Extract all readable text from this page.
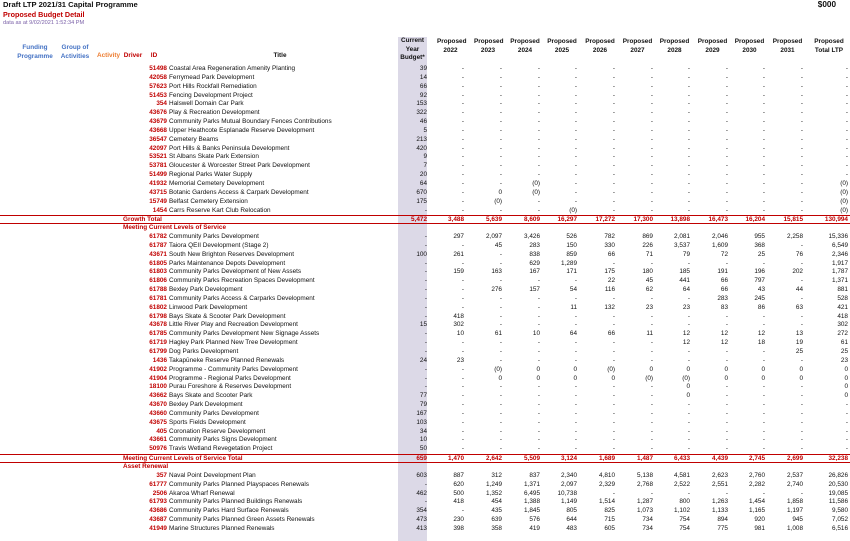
Draft LTP 2021/31 Capital Programme
Proposed Budget Detail
data as at 9/02/2021 1:52:34 PM
$000
Funding Programme
Group of Activities	Activity Driver	ID	Title
Current Year Budget*
Proposed 2022
Proposed 2023
Proposed 2024
Proposed 2025
Proposed 2026
Proposed 2027
Proposed 2028
Proposed 2029
Proposed 2030
Proposed 2031
Proposed Total LTP
51498 Coastal Area Regeneration Amenity Planting	39	-	-	-	-	-	-	-	-	-	-	-
42058 Ferrymead Park Development	14	-	-	-	-	-	-	-	-	-	-	-
57623 Port Hills Rockfall Remediation	66	-	-	-	-	-	-	-	-	-	-	-
51453 Fencing Development Project	92	-	-	-	-	-	-	-	-	-	-	-
354 Halswell Domain Car Park	153	-	-	-	-	-	-	-	-	-	-	-
43676 Play & Recreation Development	322	-	-	-	-	-	-	-	-	-	-	-
43679 Community Parks Mutual Boundary Fences Contributions	46	-	-	-	-	-	-	-	-	-	-	-
43668 Upper Heathcote Esplanade Reserve Development	5	-	-	-	-	-	-	-	-	-	-	-
36547 Cemetery Beams	213	-	-	-	-	-	-	-	-	-	-	-
42097 Port Hills & Banks Peninsula Development	420	-	-	-	-	-	-	-	-	-	-	-
53521 St Albans Skate Park Extension	9	-	-	-	-	-	-	-	-	-	-	-
53781 Gloucester & Worcester Street Park Development	7	-	-	-	-	-	-	-	-	-	-	-
51499 Regional Parks Water Supply	20	-	-	-	-	-	-	-	-	-	-	-
41932 Memorial Cemetery Development	64	-	-	(0)	-	-	-	-	-	-	-	(0)
43715 Botanic Gardens Access & Carpark Development	670	-	0	(0)	-	-	-	-	-	-	-	(0)
15749 Belfast Cemetery Extension	175	-	(0)	-	-	-	-	-	-	-	-	(0)
1454 Carrs Reserve Kart Club Relocation	-	-	-	-	(0)	-	-	-	-	-	-	(0)
Growth Total	5,472	3,488	5,639	8,609	16,297	17,272	17,300	13,898	16,473	16,204	15,815	130,994
Meeting Current Levels of Service
61782 Community Parks Development	-	297	2,097	3,426	526	782	869	2,081	2,046	955	2,258	15,336
61787 Taiora QEII Development (Stage 2)	-	-	45	283	150	330	226	3,537	1,609	368	-	6,549
43671 South New Brighton Reserves Development	100	261	-	838	859	66	71	79	72	25	76	2,346
61805 Parks Maintenance Depots Development	-	-	-	629	1,289	-	-	-	-	-	-	1,917
61803 Community Parks Development of New Assets	-	159	163	167	171	175	180	185	191	196	202	1,787
61806 Community Parks Recreation Spaces Development	-	-	-	-	-	22	45	441	66	797	-	1,371
61788 Bexley Park Development	-	-	276	157	54	116	62	64	66	43	44	881
61781 Community Parks Access & Carparks Development	-	-	-	-	-	-	-	-	283	245	-	528
61802 Linwood Park Development	-	-	-	-	11	132	23	23	83	86	63	421
61798 Bays Skate & Scooter Park Development	-	418	-	-	-	-	-	-	-	-	-	418
43678 Little River Play and Recreation Development	15	302	-	-	-	-	-	-	-	-	-	302
61785 Community Parks Development New Signage Assets	-	10	61	10	64	66	11	12	12	12	13	272
61719 Hagley Park Planned New Tree Development	-	-	-	-	-	-	-	12	12	18	19	61
61799 Dog Parks Development	-	-	-	-	-	-	-	-	-	-	25	25
1436 Takapūneke Reserve Planned Renewals	24	23	-	-	-	-	-	-	-	-	-	23
41902 Programme - Community Parks Development	-	-	(0)	0	0	(0)	0	0	0	0	0	0
41904 Programme - Regional Parks Development	-	-	0	0	0	0	(0)	(0)	0	0	0	0
18100 Purau Foreshore & Reserves Development	-	-	-	-	-	-	-	0	-	-	-	0
43662 Bays Skate and Scooter Park	77	-	-	-	-	-	-	0	-	-	-	0
43670 Bexley Park Development	79	-	-	-	-	-	-	-	-	-	-	-
43660 Community Parks Development	167	-	-	-	-	-	-	-	-	-	-	-
43675 Sports Fields Development	103	-	-	-	-	-	-	-	-	-	-	-
405 Coronation Reserve Development	34	-	-	-	-	-	-	-	-	-	-	-
43661 Community Parks Signs Development	10	-	-	-	-	-	-	-	-	-	-	-
50976 Travis Wetland Revegetation Project	50	-	-	-	-	-	-	-	-	-	-	-
Meeting Current Levels of Service Total	659	1,470	2,642	5,509	3,124	1,689	1,487	6,433	4,439	2,745	2,699	32,238
Asset Renewal
357 Naval Point Development Plan	603	887	312	837	2,340	4,810	5,138	4,581	2,623	2,760	2,537	26,826
61777 Community Parks Planned Playspaces Renewals	-	620	1,249	1,371	2,097	2,329	2,768	2,522	2,551	2,282	2,740	20,530
2506 Akaroa Wharf Renewal	462	500	1,352	6,495	10,738	-	-	-	-	-	-	19,085
61793 Community Parks Planned Buildings Renewals	-	418	454	1,388	1,149	1,514	1,287	800	1,263	1,454	1,858	11,586
43686 Community Parks Hard Surface Renewals	354	-	435	1,845	805	825	1,073	1,102	1,133	1,165	1,197	9,580
43687 Community Parks Planned Green Assets Renewals	473	230	639	576	644	715	734	754	894	920	945	7,052
41949 Marine Structures Planned Renewals	413	398	358	419	483	605	734	754	775	981	1,008	6,516
